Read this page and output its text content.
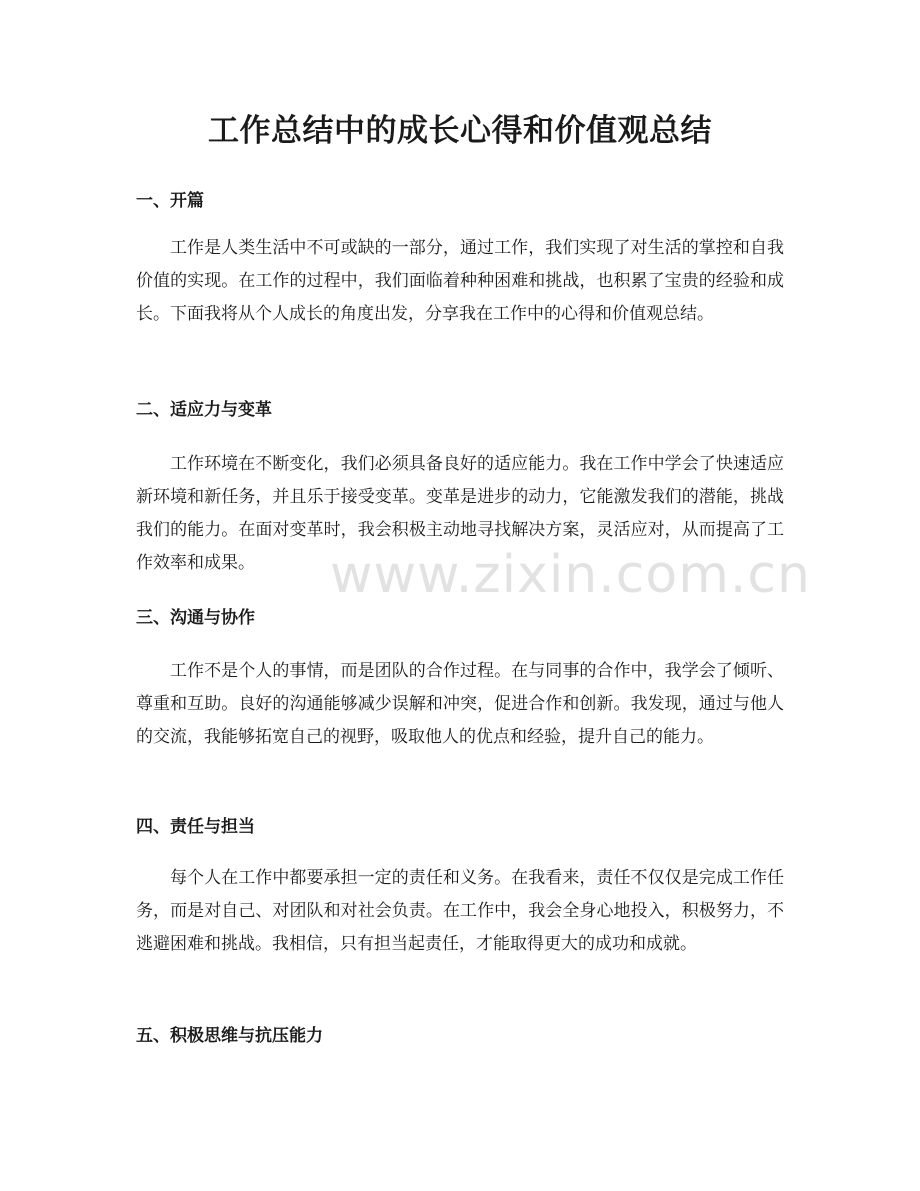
工作总结中的成长心得和价值观总结
一、开篇

工作是人类生活中不可或缺的一部分，通过工作，我们实现了对生活的掌控和自我价值的实现。在工作的过程中，我们面临着种种困难和挑战，也积累了宝贵的经验和成长。下面我将从个人成长的角度出发，分享我在工作中的心得和价值观总结。

二、适应力与变革

工作环境在不断变化，我们必须具备良好的适应能力。我在工作中学会了快速适应新环境和新任务，并且乐于接受变革。变革是进步的动力，它能激发我们的潜能，挑战我们的能力。在面对变革时，我会积极主动地寻找解决方案，灵活应对，从而提高了工作效率和成果。

三、沟通与协作

工作不是个人的事情，而是团队的合作过程。在与同事的合作中，我学会了倾听、尊重和互助。良好的沟通能够减少误解和冲突，促进合作和创新。我发现，通过与他人的交流，我能够拓宽自己的视野，吸取他人的优点和经验，提升自己的能力。

四、责任与担当

每个人在工作中都要承担一定的责任和义务。在我看来，责任不仅仅是完成工作任务，而是对自己、对团队和对社会负责。在工作中，我会全身心地投入，积极努力，不逃避困难和挑战。我相信，只有担当起责任，才能取得更大的成功和成就。

五、积极思维与抗压能力
www.zixin.com.cn
